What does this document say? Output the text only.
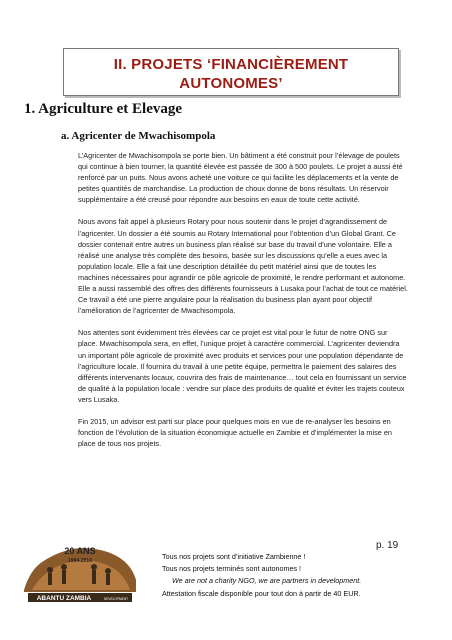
II. PROJETS ‘FINANCIÈREMENT
AUTONOMES’
1. Agriculture et Elevage
a. Agricenter de Mwachisompola

L’Agricenter de Mwachisompola se porte bien. Un bâtiment a été construit pour l’élevage de poulets qui continue à bien tourner, la quantité élevée est passée de 300 à 500 poulets. Le projet a aussi été renforcé par un puits. Nous avons acheté une voiture ce qui facilite les déplacements et la vente de petites quantités de marchandise. La production de choux donne de bons résultats. Un réservoir supplémentaire a été creusé pour répondre aux besoins en eaux de toute cette activité.

Nous avons fait appel à plusieurs Rotary pour nous soutenir dans le projet d’agrandissement de l’agricenter. Un dossier a été soumis au Rotary International pour l’obtention d’un Global Grant. Ce dossier contenait entre autres un business plan réalisé sur base du travail d’une volontaire. Elle a réalisé une analyse très complète des besoins, basée sur les discussions qu’elle a eues avec la population locale. Elle a fait une description détaillée du petit matériel ainsi que de toutes les machines nécessaires pour agrandir ce pôle agricole de proximité, le rendre performant et autonome. Elle a aussi rassemblé des offres des différents fournisseurs à Lusaka pour l’achat de tout ce matériel. Ce travail a été une pierre angulaire pour la réalisation du business plan ayant pour objectif l’amélioration de l’agricenter de Mwachisompola.

Nos attentes sont évidemment très élevées car ce projet est vital pour le futur de notre ONG sur place. Mwachisompola sera, en effet, l’unique projet à caractère commercial. L’agricenter deviendra un important pôle agricole de proximité avec produits et services pour une population dépendante de l’agriculture locale. Il fournira du travail à une petite équipe, permettra le paiement des salaires des différents intervenants locaux, couvrira des frais de maintenance… tout cela en fournissant un service de qualité à la population locale : vendre sur place des produits de qualité et éviter les trajets couteux vers Lusaka.

Fin 2015, un advisor est parti sur place pour quelques mois en vue de re-analyser les besoins en fonction de l’évolution de la situation économique actuelle en Zambie et d’implémenter la mise en place de tous nos projets.

p. 19
20 ANS
1994-2014
ABANTU ZAMBIA	DEVELOPMENT
Tous nos projets sont d’initiative Zambienne !
Tous nos projets terminés sont autonomes !
We are not a charity NGO, we are partners in development.
Attestation fiscale disponible pour tout don à partir de 40 EUR.
